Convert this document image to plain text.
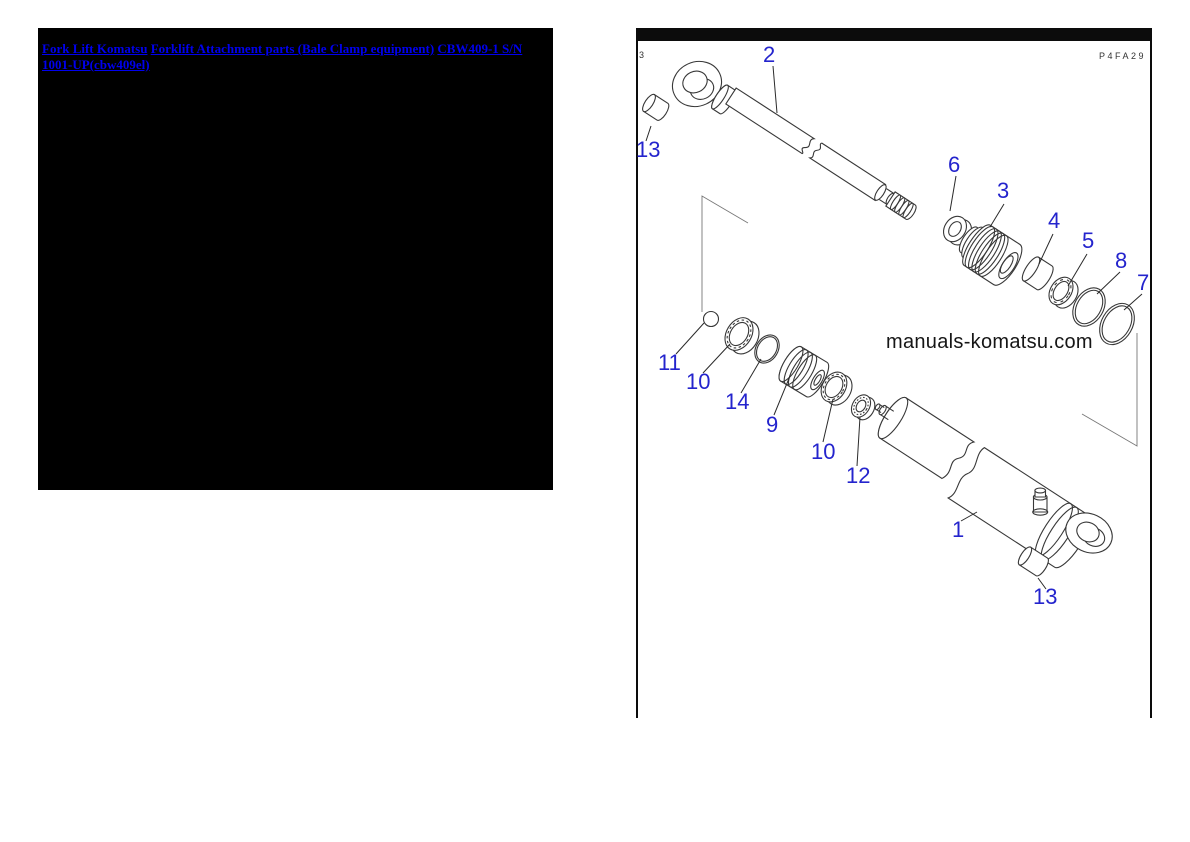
Fork Lift Komatsu Forklift Attachment parts (Bale Clamp equipment) CBW409-1 S/N 1001-UP(cbw409el)

3	P4FA29
manuals-komatsu.com
13
2
6
3
4
5
8
7
11
10
14
9
10
12
1
13
